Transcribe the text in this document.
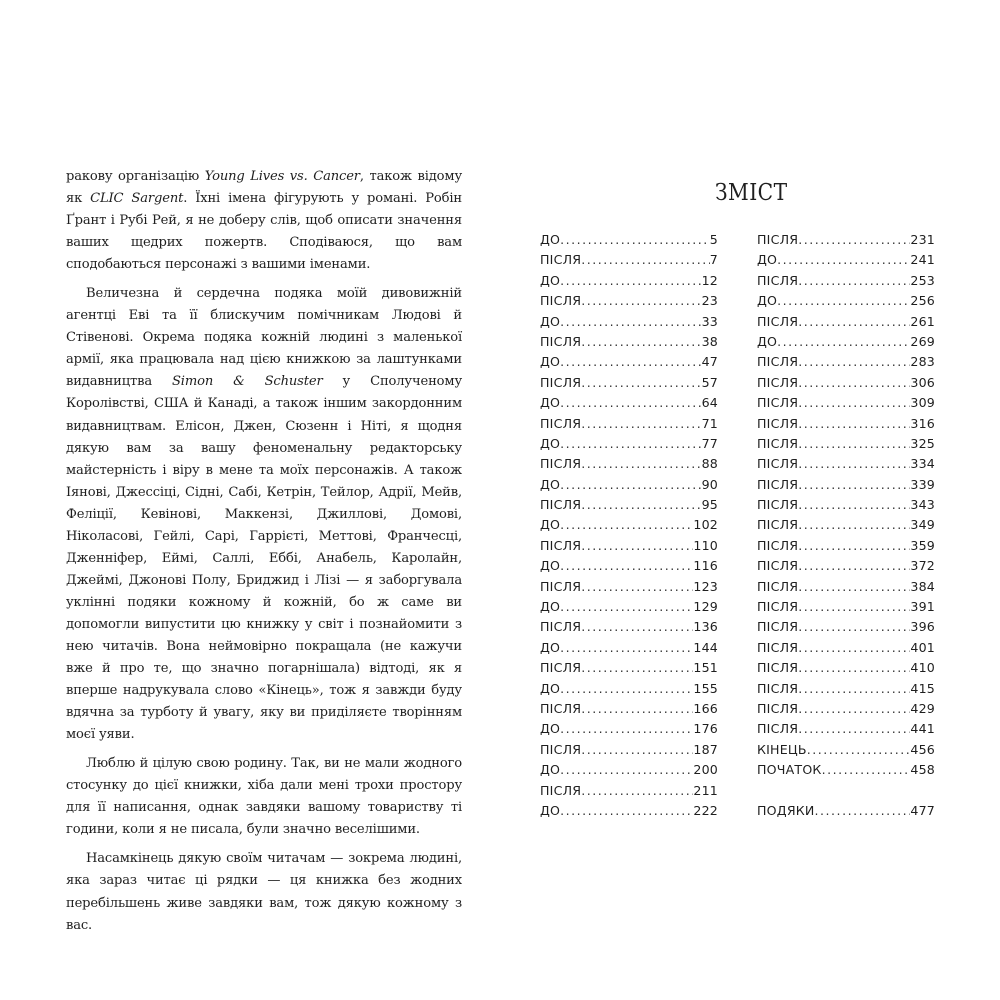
ракову організацію Young Lives vs. Cancer, також відому як CLIC Sargent. Їхні імена фігурують у романі. Робін Ґрант і Рубі Рей, я не доберу слів, щоб описати значення ваших щедрих пожертв. Сподіваюся, що вам сподобаються персонажі з вашими іменами.

Величезна й сердечна подяка моїй дивовижній агентці Еві та її блискучим помічникам Людові й Стівенові. Окрема подяка кожній людині з маленької армії, яка працювала над цією книжкою за лаштунками видавництва Simon & Schuster у Сполученому Королівстві, США й Канаді, а також іншим закордонним видавництвам. Елісон, Джен, Сюзенн і Ніті, я щодня дякую вам за вашу феноменальну редакторську майстерність і віру в мене та моїх персонажів. А також Іянові, Джессіці, Сідні, Сабі, Кетрін, Тейлор, Адрії, Мейв, Феліції, Кевінові, Маккензі, Джиллові, Домові, Ніколасові, Гейлі, Сарі, Гаррієті, Меттові, Франчесці, Дженніфер, Еймі, Саллі, Еббі, Анабель, Каролайн, Джеймі, Джонові Полу, Бриджид і Лізі — я заборгувала уклінні подяки кожному й кожній, бо ж саме ви допомогли випустити цю книжку у світ і познайомити з нею читачів. Вона неймовірно покращала (не кажучи вже й про те, що значно погарнішала) відтоді, як я вперше надрукувала слово «Кінець», тож я завжди буду вдячна за турботу й увагу, яку ви приділяєте творінням моєї уяви.

Люблю й цілую свою родину. Так, ви не мали жодного стосунку до цієї книжки, хіба дали мені трохи простору для її написання, однак завдяки вашому товариству ті години, коли я не писала, були значно веселішими.

Насамкінець дякую своїм читачам — зокрема людині, яка зараз читає ці рядки — ця книжка без жодних перебільшень живе завдяки вам, тож дякую кожному з вас.

ЗМІСТ
ДО .....	5
ПІСЛЯ .....	7
ДО .....	12
ПІСЛЯ .....	23
ДО .....	33
ПІСЛЯ .....	38
ДО .....	47
ПІСЛЯ .....	57
ДО .....	64
ПІСЛЯ .....	71
ДО .....	77
ПІСЛЯ .....	88
ДО .....	90
ПІСЛЯ .....	95
ДО .....	102
ПІСЛЯ .....	110
ДО .....	116
ПІСЛЯ .....	123
ДО .....	129
ПІСЛЯ .....	136
ДО .....	144
ПІСЛЯ .....	151
ДО .....	155
ПІСЛЯ .....	166
ДО .....	176
ПІСЛЯ .....	187
ДО .....	200
ПІСЛЯ .....	211
ДО .....	222
ПІСЛЯ .....	231
ДО .....	241
ПІСЛЯ .....	253
ДО .....	256
ПІСЛЯ .....	261
ДО .....	269
ПІСЛЯ .....	283
ПІСЛЯ .....	306
ПІСЛЯ .....	309
ПІСЛЯ .....	316
ПІСЛЯ .....	325
ПІСЛЯ .....	334
ПІСЛЯ .....	339
ПІСЛЯ .....	343
ПІСЛЯ .....	349
ПІСЛЯ .....	359
ПІСЛЯ .....	372
ПІСЛЯ .....	384
ПІСЛЯ .....	391
ПІСЛЯ .....	396
ПІСЛЯ .....	401
ПІСЛЯ .....	410
ПІСЛЯ .....	415
ПІСЛЯ .....	429
ПІСЛЯ .....	441
КІНЕЦЬ .....	456
ПОЧАТОК .....	458
ПОДЯКИ .....	477
